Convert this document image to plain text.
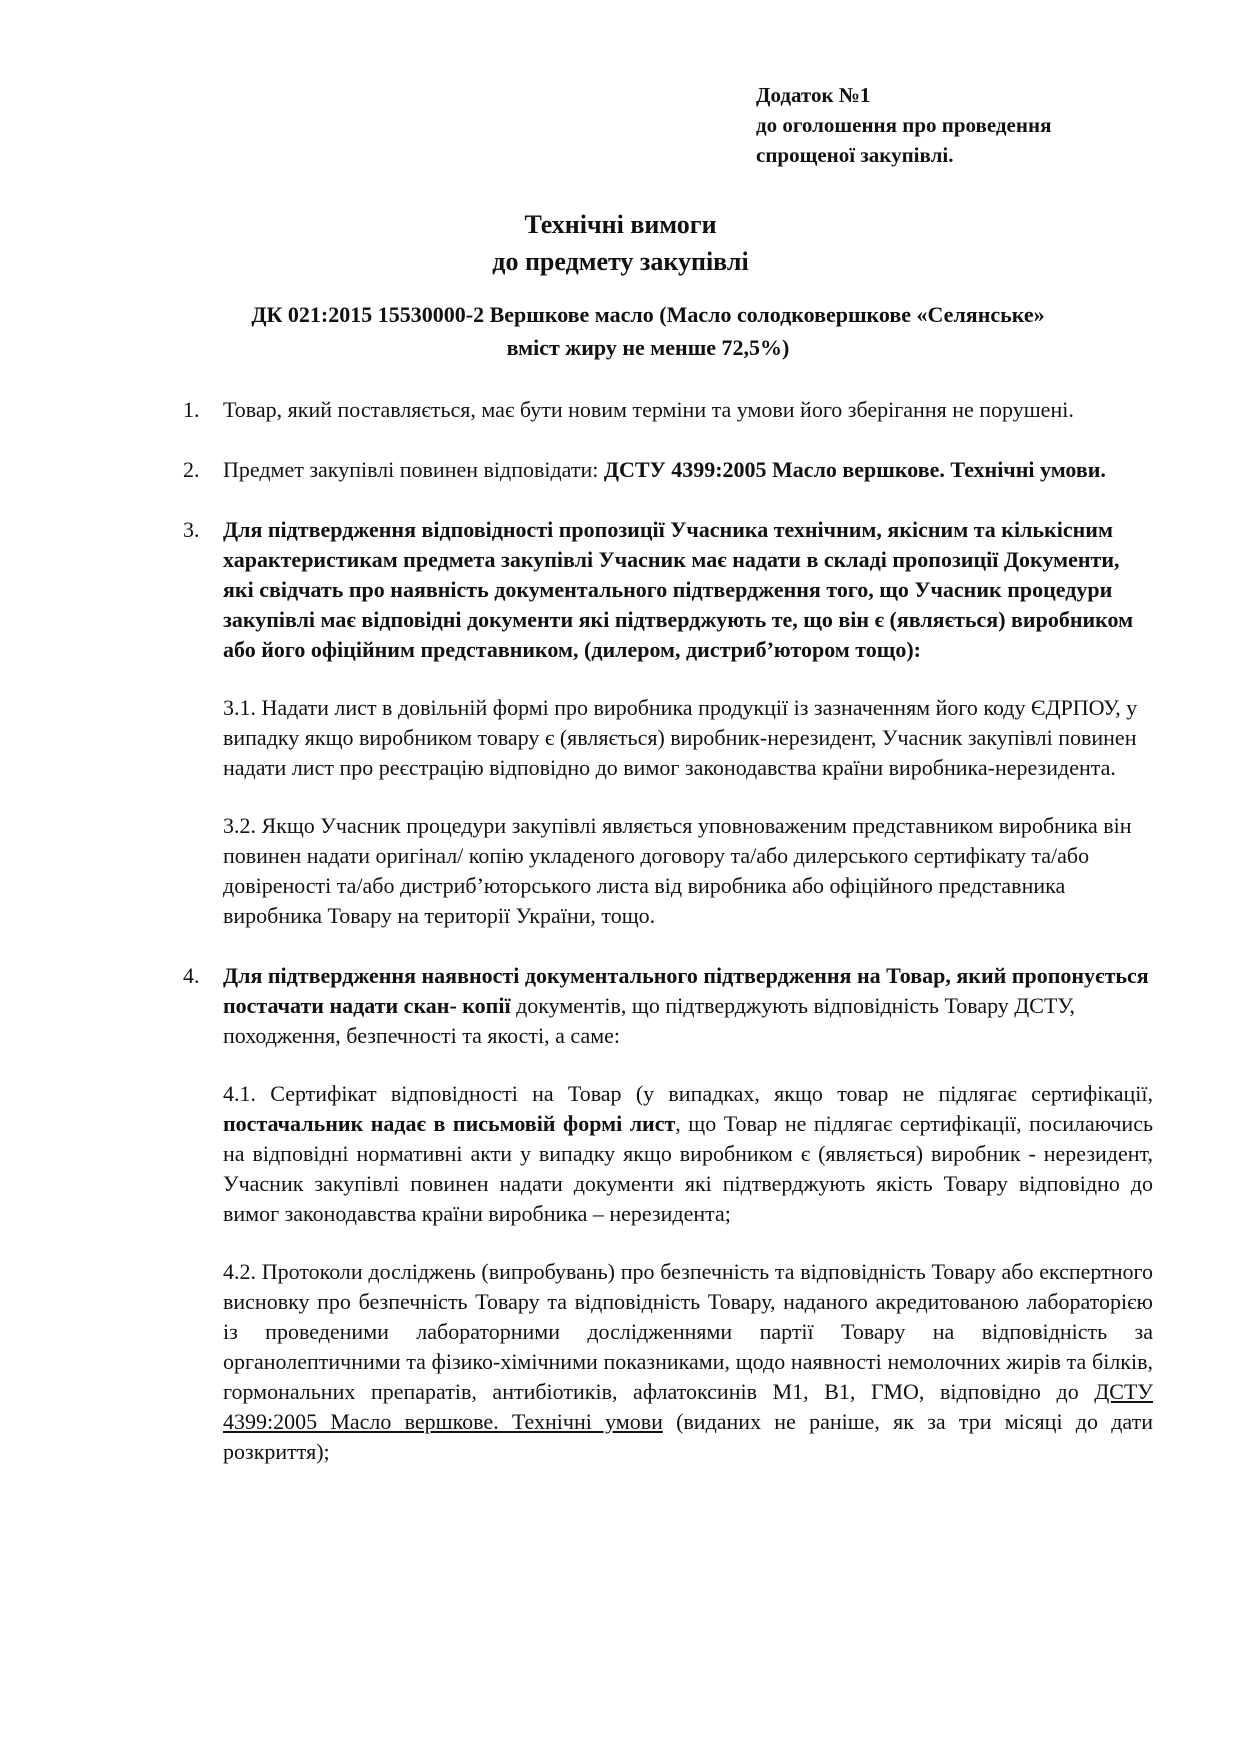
Додаток №1
до оголошення про проведення
спрощеної закупівлі.
Технічні вимоги
до предмету закупівлі
ДК 021:2015 15530000-2 Вершкове масло (Масло солодковершкове «Селянське»
вміст жиру не менше 72,5%)
1.	Товар, який поставляється, має бути новим терміни та умови його зберігання не порушені.

2.	Предмет закупівлі повинен відповідати: ДСТУ 4399:2005 Масло вершкове. Технічні умови.

3.	Для підтвердження відповідності пропозиції Учасника технічним, якісним та кількісним характеристикам предмета закупівлі Учасник має надати в складі пропозиції Документи, які свідчать про наявність документального підтвердження того, що Учасник процедури закупівлі має відповідні документи які підтверджують те, що він є (являється) виробником або його офіційним представником, (дилером, дистриб’ютором тощо):

3.1. Надати лист в довільній формі про виробника продукції із зазначенням його коду ЄДРПОУ, у випадку якщо виробником товару є (являється) виробник-нерезидент, Учасник закупівлі повинен надати лист про реєстрацію відповідно до вимог законодавства країни виробника-нерезидента.

3.2. Якщо Учасник процедури закупівлі являється уповноваженим представником виробника він повинен надати оригінал/ копію укладеного договору та/або дилерського сертифікату та/або довіреності та/або дистриб’юторського листа від виробника або офіційного представника виробника Товару на території України, тощо.

4.	Для підтвердження наявності документального підтвердження на Товар, який пропонується постачати надати скан- копії документів, що підтверджують відповідність Товару ДСТУ, походження, безпечності та якості, а саме:

4.1. Сертифікат відповідності на Товар (у випадках, якщо товар не підлягає сертифікації, постачальник надає в письмовій формі лист, що Товар не підлягає сертифікації, посилаючись на відповідні нормативні акти у випадку якщо виробником є (являється) виробник - нерезидент, Учасник закупівлі повинен надати документи які підтверджують якість Товару відповідно до вимог законодавства країни виробника – нерезидента;

4.2. Протоколи досліджень (випробувань) про безпечність та відповідність Товару або експертного висновку про безпечність Товару та відповідність Товару, наданого акредитованою лабораторією із проведеними лабораторними дослідженнями партії Товару на відповідність за органолептичними та фізико-хімічними показниками, щодо наявності немолочних жирів та білків, гормональних препаратів, антибіотиків, афлатоксинів М1, В1, ГМО, відповідно до ДСТУ 4399:2005 Масло вершкове. Технічні умови (виданих не раніше, як за три місяці до дати розкриття);
